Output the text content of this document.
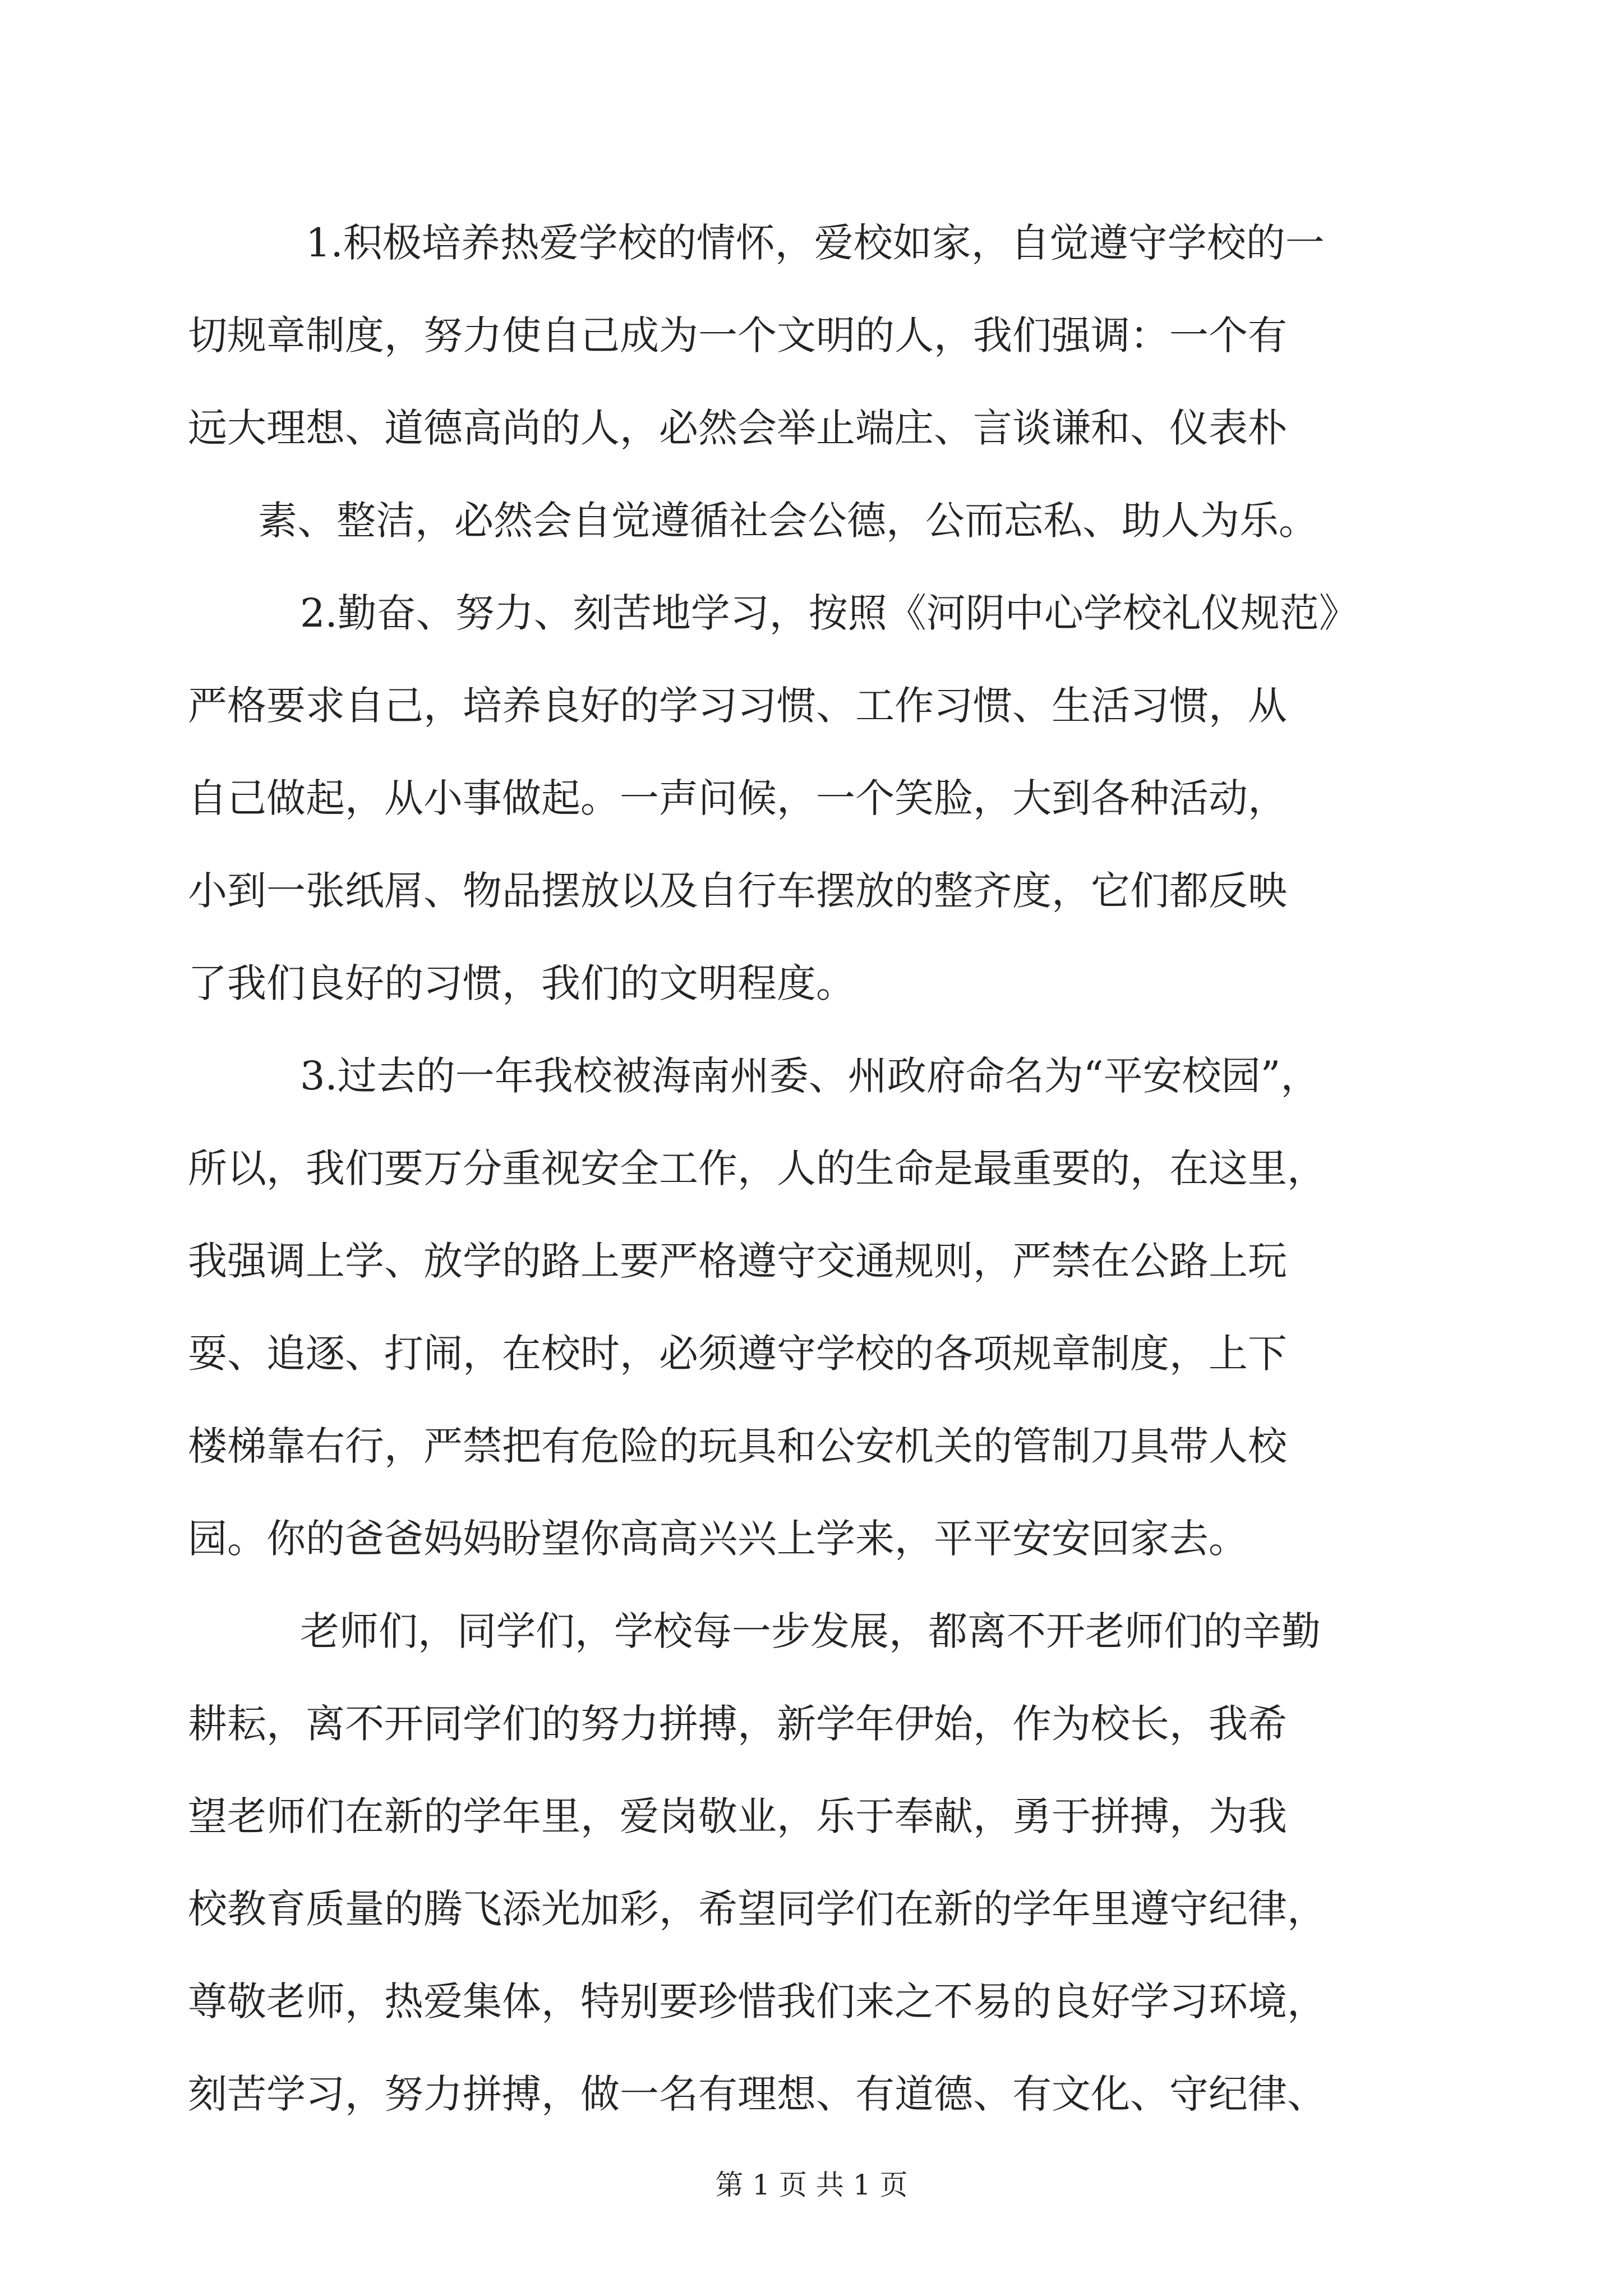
1.积极培养热爱学校的情怀，爱校如家，自觉遵守学校的一
切规章制度，努力使自己成为一个文明的人，我们强调：一个有
远大理想、道德高尚的人，必然会举止端庄、言谈谦和、仪表朴
素、整洁，必然会自觉遵循社会公德，公而忘私、助人为乐。
2.勤奋、努力、刻苦地学习，按照《河阴中心学校礼仪规范》
严格要求自己，培养良好的学习习惯、工作习惯、生活习惯，从
自己做起，从小事做起。一声问候，一个笑脸，大到各种活动，
小到一张纸屑、物品摆放以及自行车摆放的整齐度，它们都反映
了我们良好的习惯，我们的文明程度。
3.过去的一年我校被海南州委、州政府命名为“平安校园”，
所以，我们要万分重视安全工作，人的生命是最重要的，在这里，
我强调上学、放学的路上要严格遵守交通规则，严禁在公路上玩
耍、追逐、打闹，在校时，必须遵守学校的各项规章制度，上下
楼梯靠右行，严禁把有危险的玩具和公安机关的管制刀具带人校
园。你的爸爸妈妈盼望你高高兴兴上学来，平平安安回家去。
老师们，同学们，学校每一步发展，都离不开老师们的辛勤
耕耘，离不开同学们的努力拼搏，新学年伊始，作为校长，我希
望老师们在新的学年里，爱岗敬业，乐于奉献，勇于拼搏，为我
校教育质量的腾飞添光加彩，希望同学们在新的学年里遵守纪律，
尊敬老师，热爱集体，特别要珍惜我们来之不易的良好学习环境，
刻苦学习，努力拼搏，做一名有理想、有道德、有文化、守纪律、
第 1 页 共 1 页
